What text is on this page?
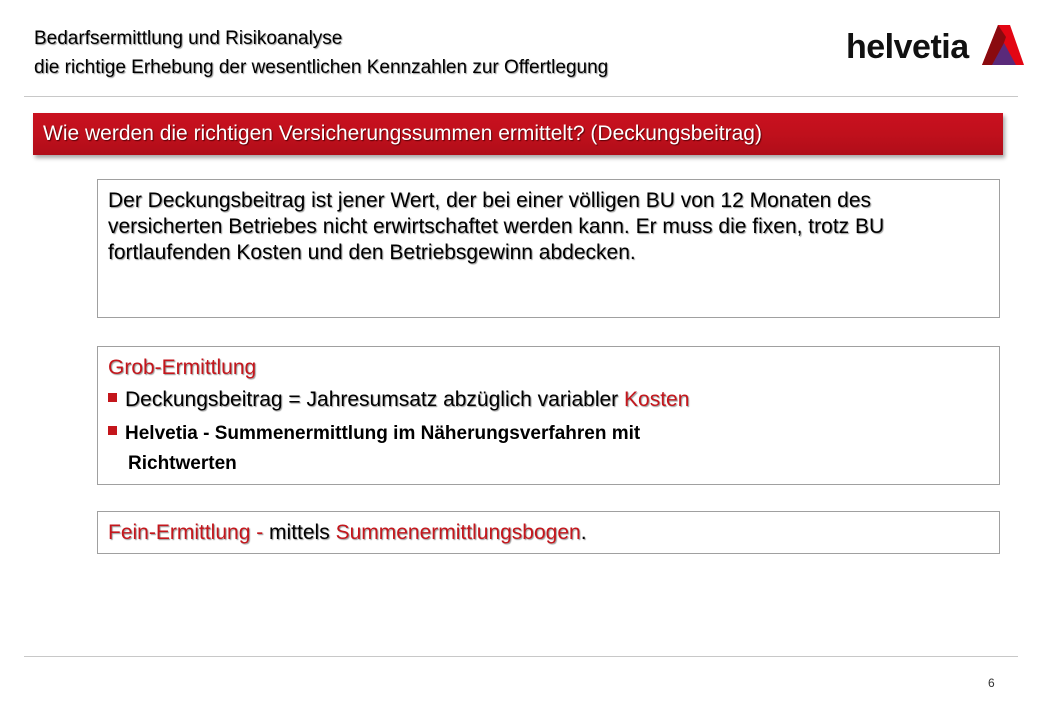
Bedarfsermittlung und Risikoanalyse
die richtige Erhebung der wesentlichen Kennzahlen zur Offertlegung
helvetia
Wie werden die richtigen Versicherungssummen ermittelt? (Deckungsbeitrag)
Der Deckungsbeitrag ist jener Wert, der bei einer völligen BU von 12 Monaten des versicherten Betriebes nicht erwirtschaftet werden kann. Er muss die fixen, trotz BU fortlaufenden Kosten und den Betriebsgewinn abdecken.
Grob-Ermittlung
Deckungsbeitrag = Jahresumsatz abzüglich variabler Kosten
Helvetia - Summenermittlung im Näherungsverfahren mit
Richtwerten
Fein-Ermittlung - mittels Summenermittlungsbogen.
6
